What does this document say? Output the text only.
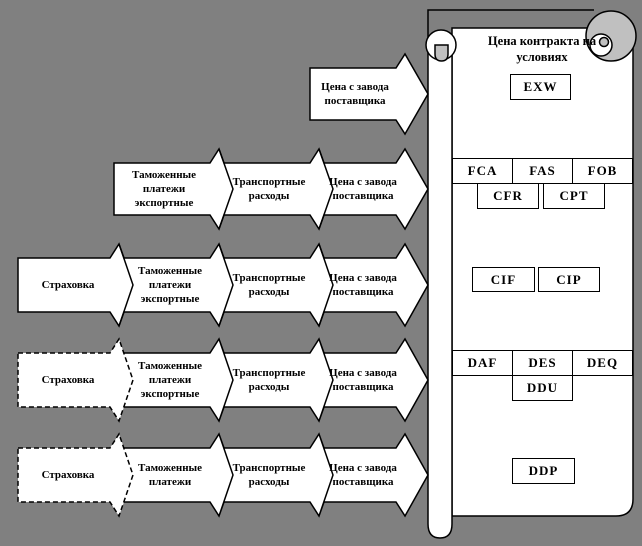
Цена с завода поставщика
Таможенные платежи экспортные
Транспортные расходы
Цена с завода поставщика
Страховка
Таможенные платежи экспортные
Транспортные расходы
Цена с завода поставщика
Страховка
Таможенные платежи экспортные
Транспортные расходы
Цена с завода поставщика
Страховка
Таможенные платежи
Транспортные расходы
Цена с завода поставщика
Цена контракта на условиях
EXW
FCA	FAS	FOB
CFR	CPT
CIF	CIP
DAF	DES	DEQ
DDU
DDP
